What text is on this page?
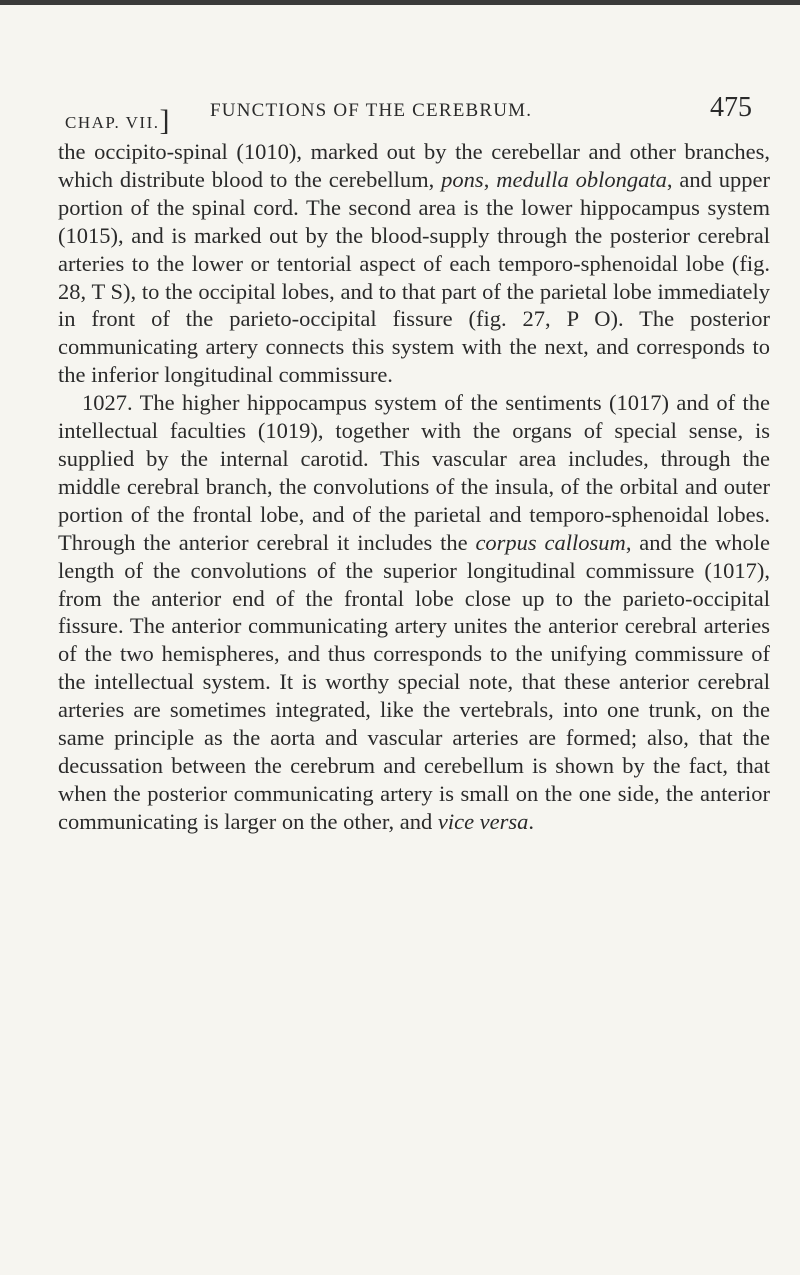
CHAP. VII.] FUNCTIONS OF THE CEREBRUM.	475

the occipito-spinal (1010), marked out by the cerebellar and other branches, which distribute blood to the cerebellum, pons, medulla oblongata, and upper portion of the spinal cord. The second area is the lower hippocampus system (1015), and is marked out by the blood-supply through the posterior cerebral arteries to the lower or tentorial aspect of each temporo-sphenoidal lobe (fig. 28, T S), to the occipital lobes, and to that part of the parietal lobe immediately in front of the parieto-occipital fissure (fig. 27, P O). The posterior communicating artery connects this system with the next, and corresponds to the inferior longitudinal commissure.

1027. The higher hippocampus system of the sentiments (1017) and of the intellectual faculties (1019), together with the organs of special sense, is supplied by the internal carotid. This vascular area includes, through the middle cerebral branch, the convolutions of the insula, of the orbital and outer portion of the frontal lobe, and of the parietal and temporo-sphenoidal lobes. Through the anterior cerebral it includes the corpus callosum, and the whole length of the convolutions of the superior longitudinal commissure (1017), from the anterior end of the frontal lobe close up to the parieto-occipital fissure. The anterior communicating artery unites the anterior cerebral arteries of the two hemispheres, and thus corresponds to the unifying commissure of the intellectual system. It is worthy special note, that these anterior cerebral arteries are sometimes integrated, like the vertebrals, into one trunk, on the same principle as the aorta and vascular arteries are formed; also, that the decussation between the cerebrum and cerebellum is shown by the fact, that when the posterior communicating artery is small on the one side, the anterior communicating is larger on the other, and vice versa.
